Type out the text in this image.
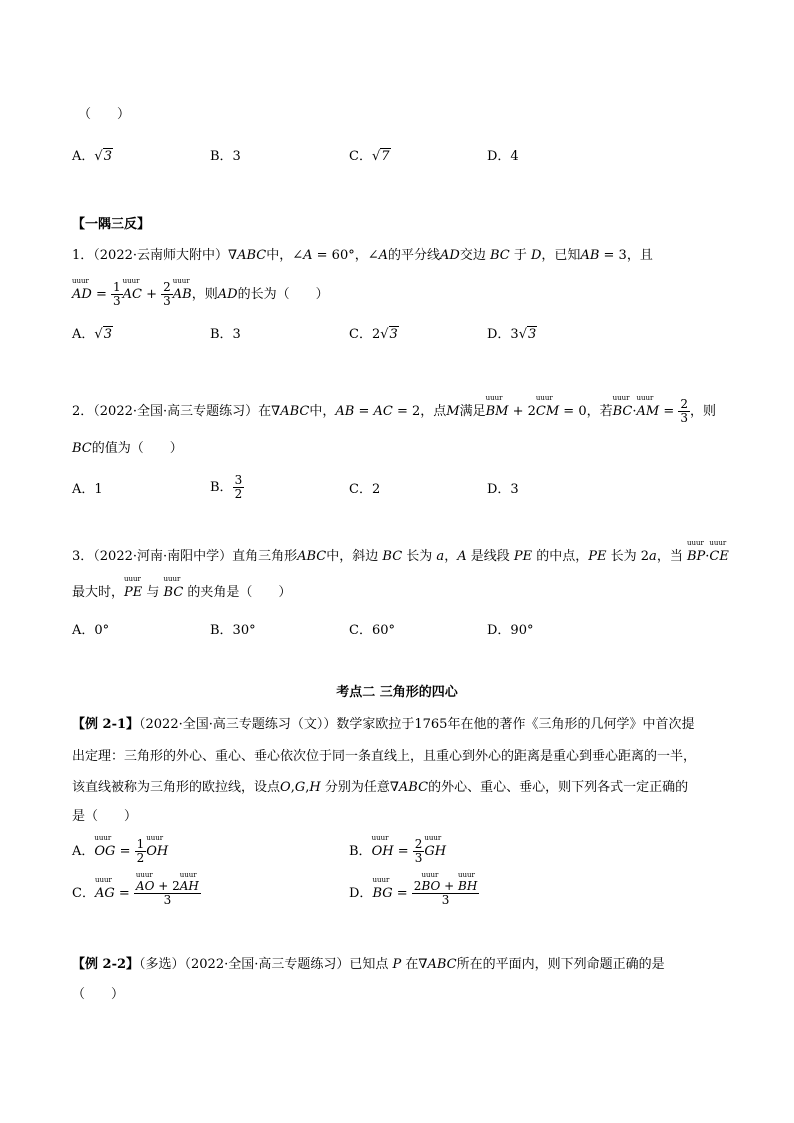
（　　）
A．√3	B．3	C．√7	D．4
【一隅三反】
1．（2022·云南师大附中）∇ABC中，∠A = 60°，∠A的平分线AD交边 BC 于 D，已知AB = 3，且
uuur AD = $\frac{1}{3}$ uuur AC + $\frac{2}{3}$ uuur AB，则AD的长为（　　）
A．√3	B．3	C．2√3	D．3√3
2．（2022·全国·高三专题练习）在∇ABC中，AB = AC = 2，点M满足uuur BM + 2uuur CM = 0，若uuur BC·uuur AM = $\frac{2}{3}$ ，则
BC的值为（　　）
A．1	B． $\frac{3}{2}$	C．2	D．3
3．（2022·河南·南阳中学）直角三角形ABC中，斜边 BC 长为 a，A 是线段 PE 的中点，PE 长为 2a，当 uuur BP·uuur CE
最大时，uuur PE 与 uuur BC 的夹角是（　　）
A．0°	B．30°	C．60°	D．90°
考点二 三角形的四心
【例 2-1】（2022·全国·高三专题练习（文））数学家欧拉于1765年在他的著作《三角形的几何学》中首次提
出定理：三角形的外心、重心、垂心依次位于同一条直线上，且重心到外心的距离是重心到垂心距离的一半，
该直线被称为三角形的欧拉线，设点O,G,H 分别为任意∇ABC的外心、重心、垂心，则下列各式一定正确的
是（　　）
A．uuur OG = $\frac{1}{2}$ uuur OH	B．uuur OH = $\frac{2}{3}$ uuur GH
C．uuur AG = uuur $\frac{\text{AO + 2uuur AH}}{3}$	D．uuur BG = $\frac{\text{2uuur BO + uuur BH}}{3}$
【例 2-2】（多选）（2022·全国·高三专题练习）已知点 P 在∇ABC所在的平面内，则下列命题正确的是
（　　）
